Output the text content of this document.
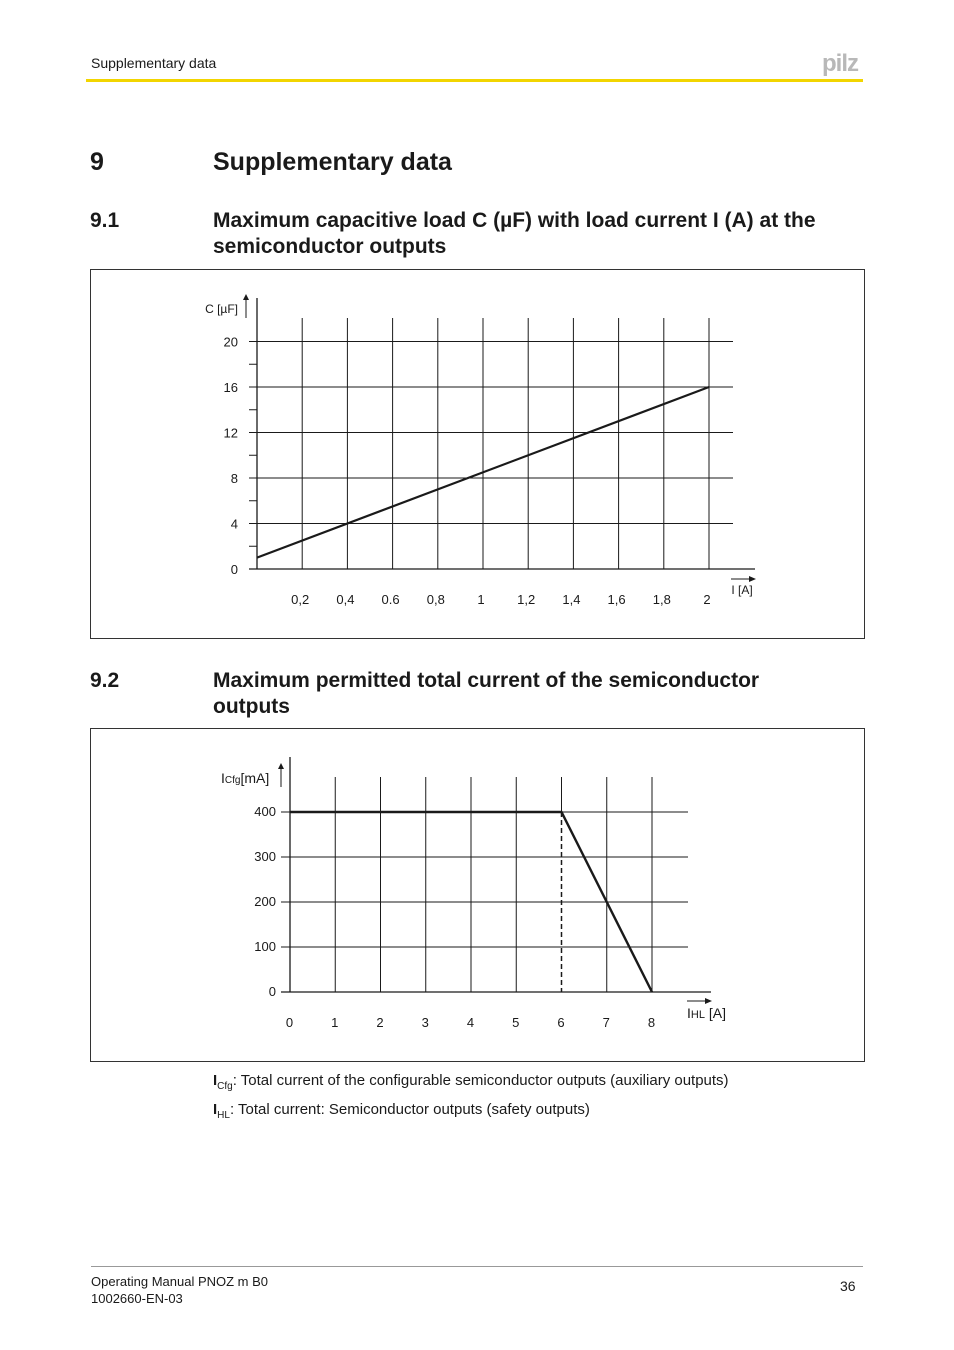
Supplementary data	pilz
9	Supplementary data
9.1	Maximum capacitive load C (µF) with load current I (A) at the
semiconductor outputs
0
4
8
12
16
20
0,2 0,4 0.6 0,8	1	1,2 1,4 1,6 1,8	2
C [µF]
I [A]
9.2	Maximum permitted total current of the semiconductor
outputs
0
100
200
300
400
0	1	2	3	4	5	6	7	8
ICfg[mA]
IHL [A]
$I_{Cfg}$: Total current of the configurable semiconductor outputs (auxiliary outputs)
$I_{HL}$: Total current: Semiconductor outputs (safety outputs)
Operating Manual PNOZ m B0
1002660-EN-03
36
